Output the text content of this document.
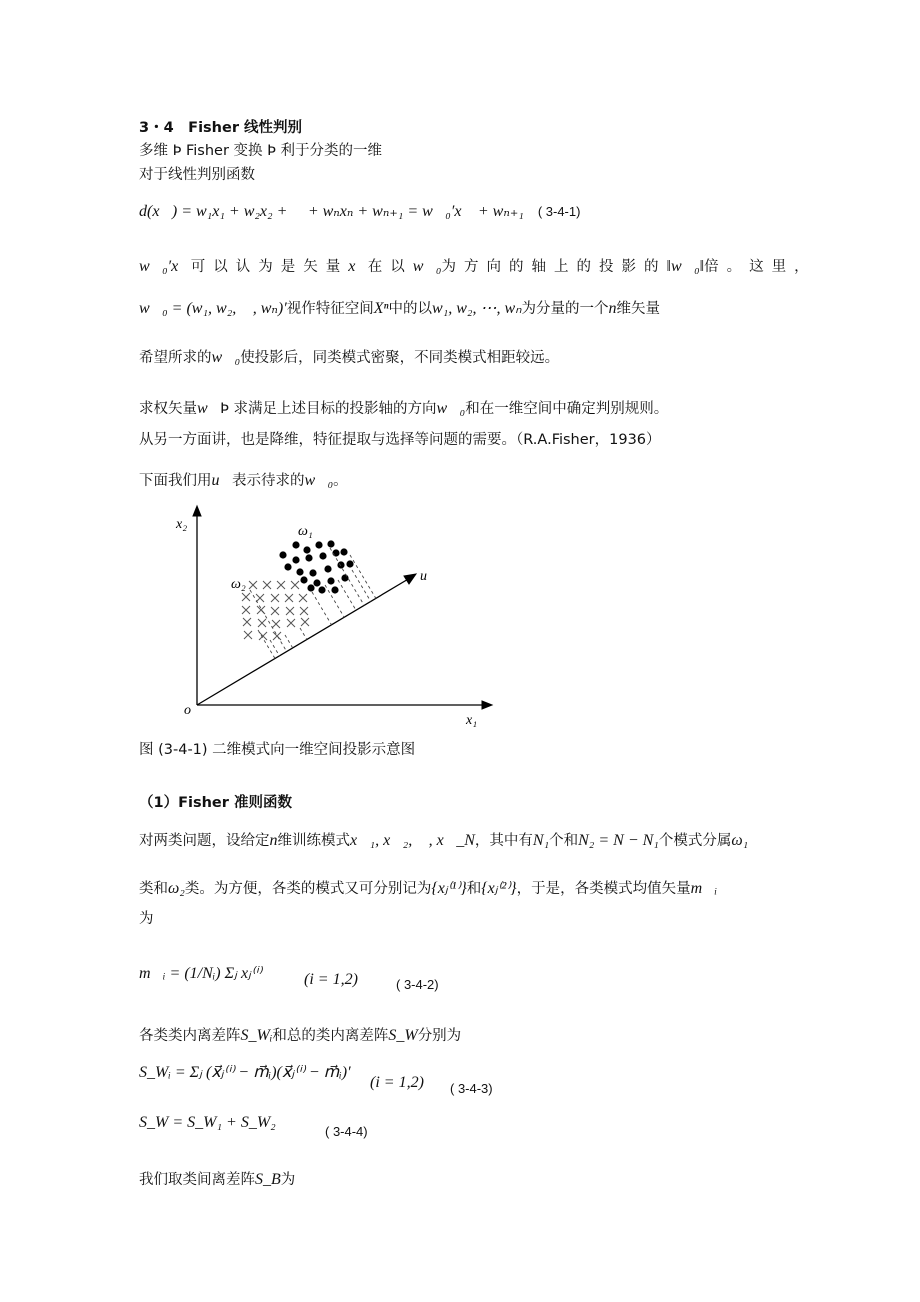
3・4　Fisher 线性判别
多维 Þ Fisher 变换 Þ 利于分类的一维
对于线性判别函数
d(x⃗) = w₁x₁ + w₂x₂ + ⋯ + wₙxₙ + wₙ₊₁ = w⃗₀′x⃗ + wₙ₊₁ ( 3-4-1)
w⃗₀′x⃗可以认为是矢量x⃗在以w⃗₀为方向的轴上的投影的‖w⃗₀‖倍。这里，
w⃗₀ = (w₁, w₂, ⋯, wₙ)′视作特征空间Xⁿ中的以w₁, w₂, ⋯, wₙ为分量的一个n维矢量
希望所求的w⃗₀使投影后，同类模式密聚，不同类模式相距较远。
求权矢量w⃗Þ 求满足上述目标的投影轴的方向w⃗₀和在一维空间中确定判别规则。
从另一方面讲，也是降维，特征提取与选择等问题的需要。（R.A.Fisher，1936）
下面我们用u⃗表示待求的w⃗₀。
x₂
x₁
o
u⃗
ω₁
ω₂
图 (3-4-1) 二维模式向一维空间投影示意图
（1）Fisher 准则函数
对两类问题，设给定n维训练模式x⃗₁, x⃗₂, ⋯, x⃗_N，其中有N₁个和N₂ = N − N₁个模式分属ω₁
类和ω₂类。为方便，各类的模式又可分别记为{xⱼ⁽¹⁾}和{xⱼ⁽²⁾}，于是，各类模式均值矢量m⃗ᵢ
为
m⃗ᵢ = (1/Nᵢ) Σⱼ xⱼ⁽ⁱ⁾	(i = 1,2)	( 3-4-2)
各类类内离差阵S_Wᵢ和总的类内离差阵S_W分别为
S_Wᵢ = Σⱼ (x⃗ⱼ⁽ⁱ⁾ − m⃗ᵢ)(x⃗ⱼ⁽ⁱ⁾ − m⃗ᵢ)′
(i = 1,2) ( 3-4-3)
S_W = S_W₁ + S_W₂
( 3-4-4)
我们取类间离差阵S_B为
